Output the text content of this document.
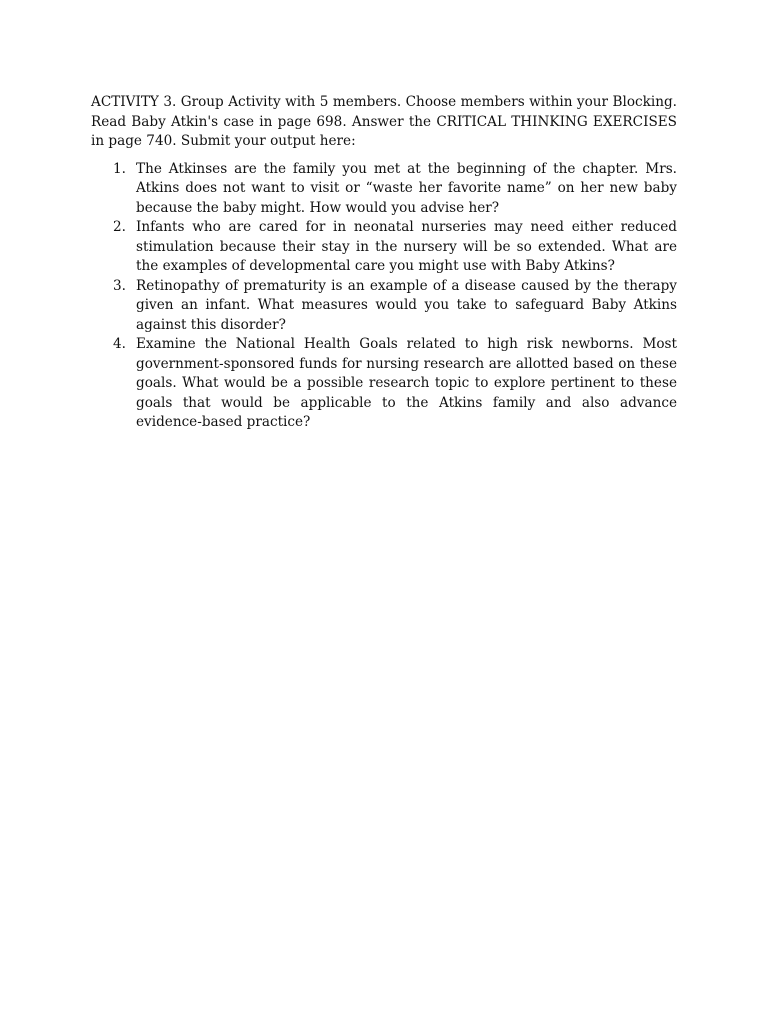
ACTIVITY 3. Group Activity with 5 members. Choose members within your Blocking. Read Baby Atkin's case in page 698. Answer the CRITICAL THINKING EXERCISES in page 740. Submit your output here:

1. The Atkinses are the family you met at the beginning of the chapter. Mrs. Atkins does not want to visit or “waste her favorite name” on her new baby because the baby might. How would you advise her?
2. Infants who are cared for in neonatal nurseries may need either reduced stimulation because their stay in the nursery will be so extended. What are the examples of developmental care you might use with Baby Atkins?
3. Retinopathy of prematurity is an example of a disease caused by the therapy given an infant. What measures would you take to safeguard Baby Atkins against this disorder?
4. Examine the National Health Goals related to high risk newborns. Most government-sponsored funds for nursing research are allotted based on these goals. What would be a possible research topic to explore pertinent to these goals that would be applicable to the Atkins family and also advance evidence-based practice?
